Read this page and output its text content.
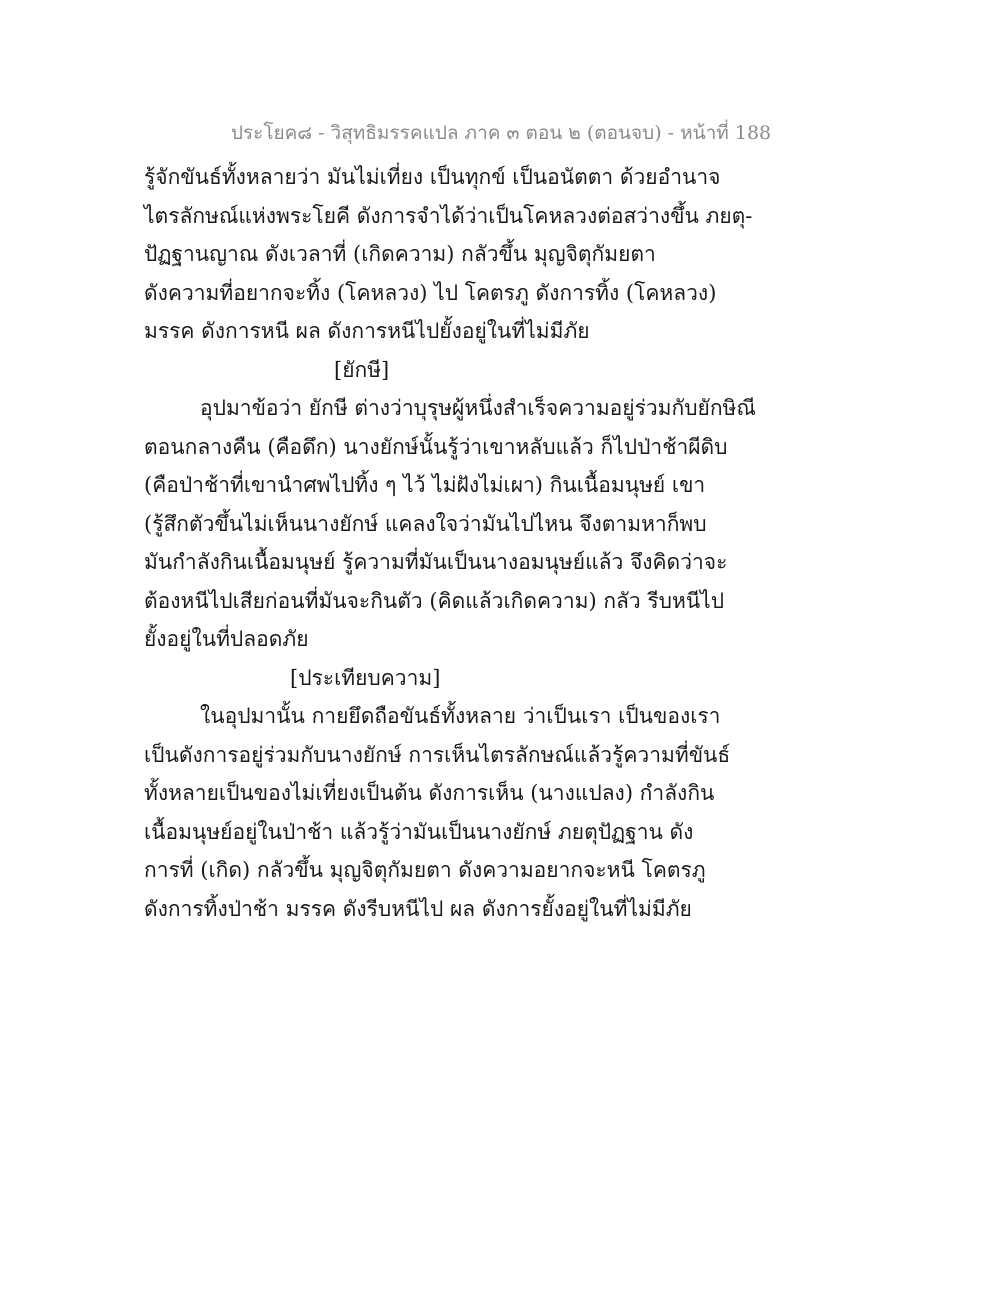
ประโยค๘ - วิสุทธิมรรคแปล ภาค ๓ ตอน ๒ (ตอนจบ) - หน้าที่ 188
รู้จักขันธ์ทั้งหลายว่า มันไม่เที่ยง เป็นทุกข์ เป็นอนัตตา ด้วยอำนาจ
ไตรลักษณ์แห่งพระโยคี ดังการจำได้ว่าเป็นโคหลวงต่อสว่างขึ้น ภยตุ-
ปัฏฐานญาณ ดังเวลาที่ (เกิดความ) กลัวขึ้น มุญจิตุกัมยตา
ดังความที่อยากจะทิ้ง (โคหลวง) ไป โคตรภู ดังการทิ้ง (โคหลวง)
มรรค ดังการหนี ผล ดังการหนีไปยั้งอยู่ในที่ไม่มีภัย
[ยักษี]
อุปมาข้อว่า ยักษี ต่างว่าบุรุษผู้หนึ่งสำเร็จความอยู่ร่วมกับยักษิณี
ตอนกลางคืน (คือดึก) นางยักษ์นั้นรู้ว่าเขาหลับแล้ว ก็ไปป่าช้าผีดิบ
(คือป่าช้าที่เขานำศพไปทิ้ง ๆ ไว้ ไม่ฝังไม่เผา) กินเนื้อมนุษย์ เขา
(รู้สึกตัวขึ้นไม่เห็นนางยักษ์ แคลงใจว่ามันไปไหน จึงตามหาก็พบ
มันกำลังกินเนื้อมนุษย์ รู้ความที่มันเป็นนางอมนุษย์แล้ว จึงคิดว่าจะ
ต้องหนีไปเสียก่อนที่มันจะกินตัว (คิดแล้วเกิดความ) กลัว รีบหนีไป
ยั้งอยู่ในที่ปลอดภัย
[ประเทียบความ]
ในอุปมานั้น กายยึดถือขันธ์ทั้งหลาย ว่าเป็นเรา เป็นของเรา
เป็นดังการอยู่ร่วมกับนางยักษ์ การเห็นไตรลักษณ์แล้วรู้ความที่ขันธ์
ทั้งหลายเป็นของไม่เที่ยงเป็นต้น ดังการเห็น (นางแปลง) กำลังกิน
เนื้อมนุษย์อยู่ในป่าช้า แล้วรู้ว่ามันเป็นนางยักษ์ ภยตุปัฏฐาน ดัง
การที่ (เกิด) กลัวขึ้น มุญจิตุกัมยตา ดังความอยากจะหนี โคตรภู
ดังการทิ้งป่าช้า มรรค ดังรีบหนีไป ผล ดังการยั้งอยู่ในที่ไม่มีภัย
